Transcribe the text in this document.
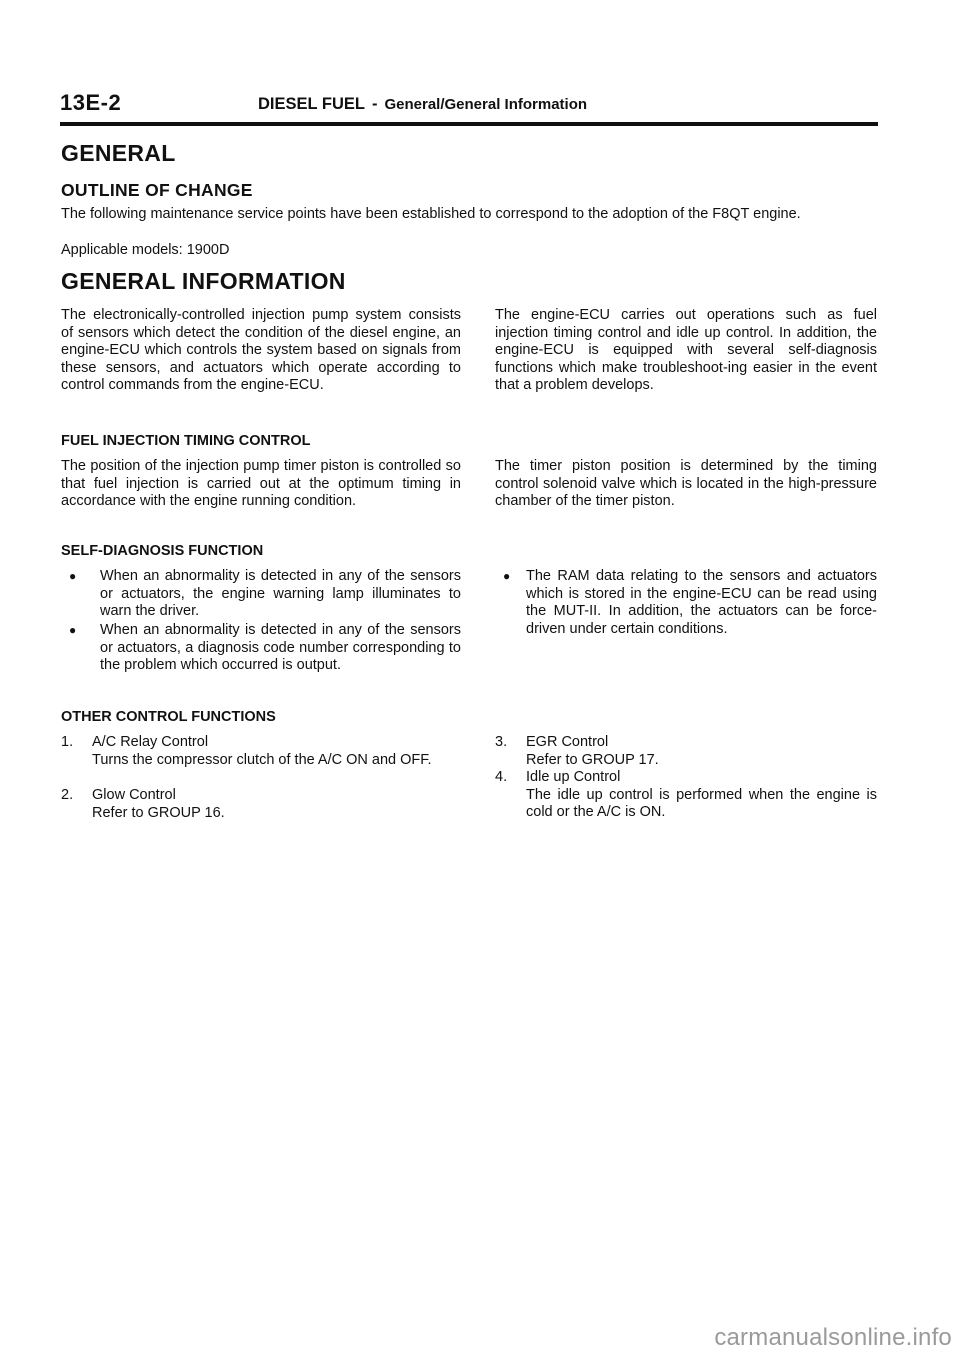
13E-2	DIESEL FUEL - General/General Information
GENERAL
OUTLINE OF CHANGE

The following maintenance service points have been established to correspond to the adoption of the F8QT engine.

Applicable models: 1900D

GENERAL INFORMATION

The electronically-controlled injection pump system consists of sensors which detect the condition of the diesel engine, an engine-ECU which controls the system based on signals from these sensors, and actuators which operate according to control commands from the engine-ECU.

The engine-ECU carries out operations such as fuel injection timing control and idle up control. In addition, the engine-ECU is equipped with several self-diagnosis functions which make troubleshoot-ing easier in the event that a problem develops.

FUEL INJECTION TIMING CONTROL

The position of the injection pump timer piston is controlled so that fuel injection is carried out at the optimum timing in accordance with the engine running condition.

The timer piston position is determined by the timing control solenoid valve which is located in the high-pressure chamber of the timer piston.

SELF-DIAGNOSIS FUNCTION
●	When an abnormality is detected in any of the sensors or actuators, the engine warning lamp illuminates to warn the driver.
●	When an abnormality is detected in any of the sensors or actuators, a diagnosis code number corresponding to the problem which occurred is output.
●	The RAM data relating to the sensors and actuators which is stored in the engine-ECU can be read using the MUT-II. In addition, the actuators can be force-driven under certain conditions.
OTHER CONTROL FUNCTIONS
1. A/C Relay Control

Turns the compressor clutch of the A/C ON and OFF.
2. Glow Control
Refer to GROUP 16.
3. EGR Control
Refer to GROUP 17.
4. Idle up Control

The idle up control is performed when the engine is cold or the A/C is ON.
carmanualsonline.info
